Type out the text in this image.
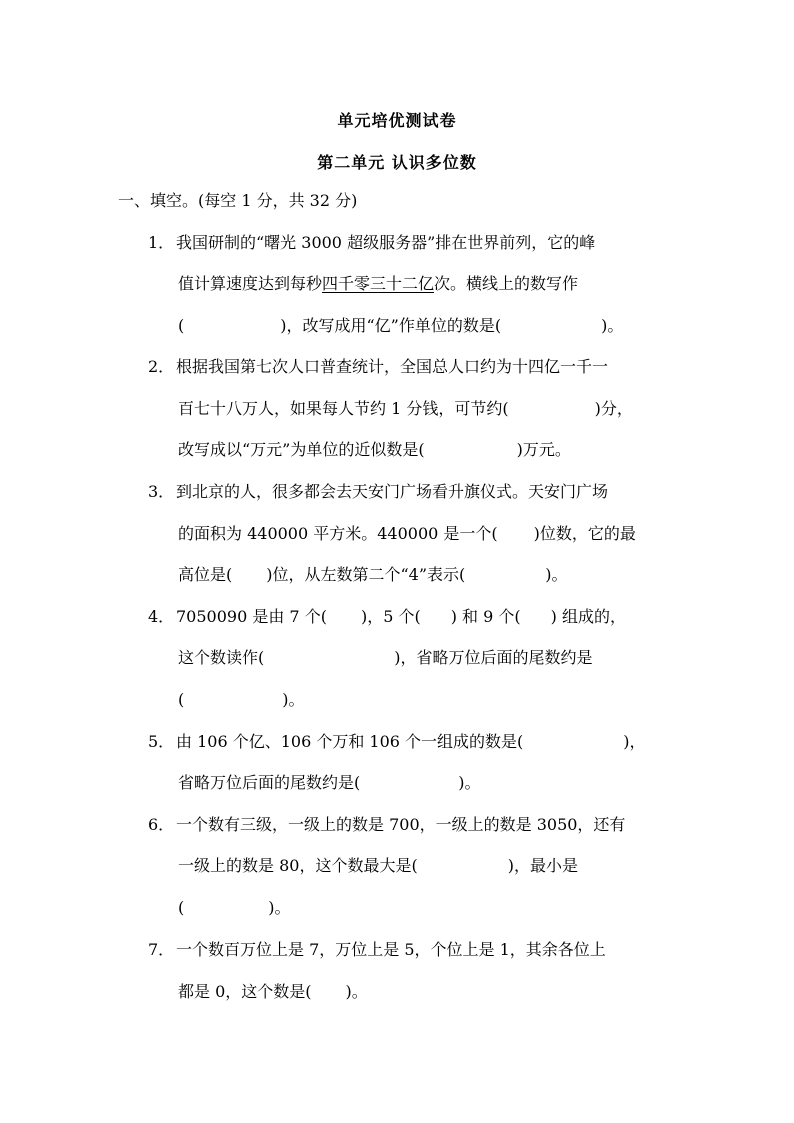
单元培优测试卷
第二单元 认识多位数
一、填空。(每空 1 分，共 32 分)
1． 我国研制的“曙光 3000 超级服务器”排在世界前列，它的峰
值计算速度达到每秒四千零三十二亿次。横线上的数写作
(	)，改写成用“亿”作单位的数是(	)。
2． 根据我国第七次人口普查统计，全国总人口约为十四亿一千一
百七十八万人，如果每人节约 1 分钱，可节约(	)分，
改写成以“万元”为单位的近似数是(	)万元。
3． 到北京的人，很多都会去天安门广场看升旗仪式。天安门广场
的面积为 440000 平方米。440000 是一个( )位数，它的最
高位是( )位，从左数第二个“4”表示(	)。
4． 7050090 是由 7 个( )，5 个( ) 和 9 个( ) 组成的，
这个数读作(	)，省略万位后面的尾数约是
(	)。
5． 由 106 个亿、106 个万和 106 个一组成的数是(	)，
省略万位后面的尾数约是(	)。
6． 一个数有三级，一级上的数是 700，一级上的数是 3050，还有
一级上的数是 80，这个数最大是(	)，最小是
(	)。
7． 一个数百万位上是 7，万位上是 5，个位上是 1，其余各位上
都是 0，这个数是( )。
